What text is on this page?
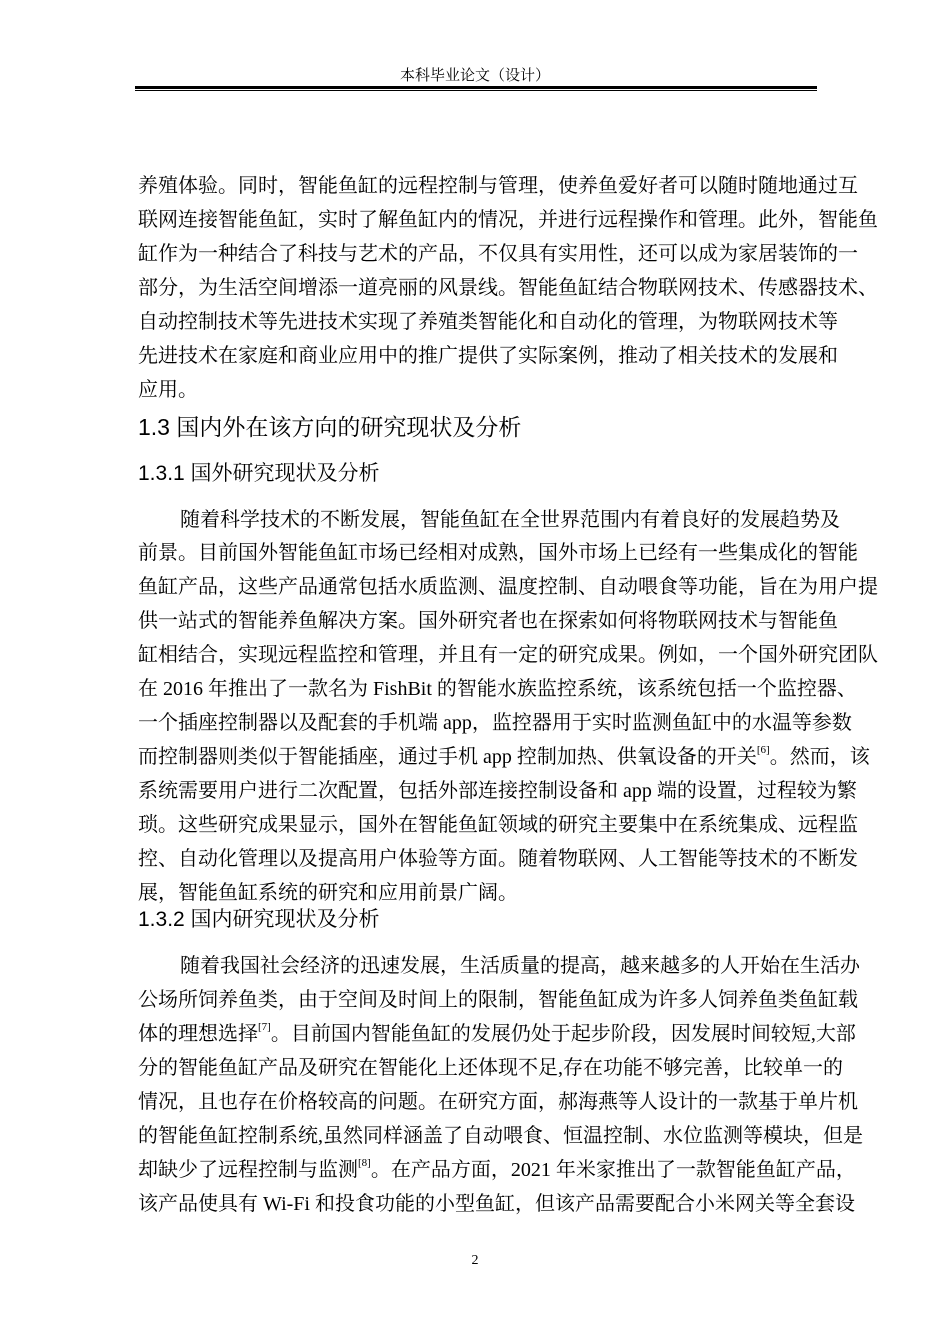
本科毕业论文（设计）
养殖体验。同时，智能鱼缸的远程控制与管理，使养鱼爱好者可以随时随地通过互
联网连接智能鱼缸，实时了解鱼缸内的情况，并进行远程操作和管理。此外，智能鱼
缸作为一种结合了科技与艺术的产品，不仅具有实用性，还可以成为家居装饰的一
部分，为生活空间增添一道亮丽的风景线。智能鱼缸结合物联网技术、传感器技术、
自动控制技术等先进技术实现了养殖类智能化和自动化的管理，为物联网技术等
先进技术在家庭和商业应用中的推广提供了实际案例，推动了相关技术的发展和
应用。
1.3 国内外在该方向的研究现状及分析
1.3.1 国外研究现状及分析
随着科学技术的不断发展，智能鱼缸在全世界范围内有着良好的发展趋势及
前景。目前国外智能鱼缸市场已经相对成熟，国外市场上已经有一些集成化的智能
鱼缸产品，这些产品通常包括水质监测、温度控制、自动喂食等功能，旨在为用户提
供一站式的智能养鱼解决方案。国外研究者也在探索如何将物联网技术与智能鱼
缸相结合，实现远程监控和管理，并且有一定的研究成果。例如，一个国外研究团队
在 2016 年推出了一款名为 FishBit 的智能水族监控系统，该系统包括一个监控器、
一个插座控制器以及配套的手机端 app，监控器用于实时监测鱼缸中的水温等参数
而控制器则类似于智能插座，通过手机 app 控制加热、供氧设备的开关[6]。然而，该
系统需要用户进行二次配置，包括外部连接控制设备和 app 端的设置，过程较为繁
琐。这些研究成果显示，国外在智能鱼缸领域的研究主要集中在系统集成、远程监
控、自动化管理以及提高用户体验等方面。随着物联网、人工智能等技术的不断发
展，智能鱼缸系统的研究和应用前景广阔。
1.3.2 国内研究现状及分析
随着我国社会经济的迅速发展，生活质量的提高，越来越多的人开始在生活办
公场所饲养鱼类，由于空间及时间上的限制，智能鱼缸成为许多人饲养鱼类鱼缸载
体的理想选择[7]。目前国内智能鱼缸的发展仍处于起步阶段，因发展时间较短,大部
分的智能鱼缸产品及研究在智能化上还体现不足,存在功能不够完善，比较单一的
情况，且也存在价格较高的问题。在研究方面，郝海燕等人设计的一款基于单片机
的智能鱼缸控制系统,虽然同样涵盖了自动喂食、恒温控制、水位监测等模块，但是
却缺少了远程控制与监测[8]。在产品方面，2021 年米家推出了一款智能鱼缸产品，
该产品使具有 Wi-Fi 和投食功能的小型鱼缸，但该产品需要配合小米网关等全套设
2
